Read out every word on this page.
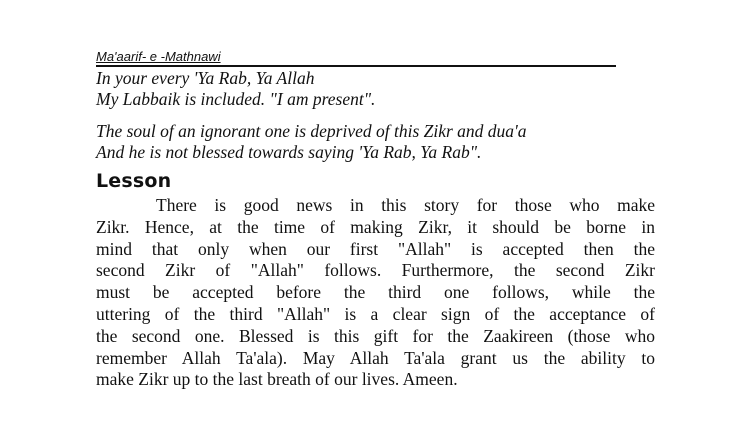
Ma'aarif- e -Mathnawi
In your every 'Ya Rab, Ya Allah
My Labbaik is included. "I am present".
The soul of an ignorant one is deprived of this Zikr and dua'a
And he is not blessed towards saying 'Ya Rab, Ya Rab".
Lesson
There is good news in this story for those who make
Zikr. Hence, at the time of making Zikr, it should be borne in
mind that only when our first "Allah" is accepted then the
second Zikr of "Allah" follows. Furthermore, the second Zikr
must be accepted before the third one follows, while the
uttering of the third "Allah" is a clear sign of the acceptance of
the second one. Blessed is this gift for the Zaakireen (those who
remember Allah Ta'ala). May Allah Ta'ala grant us the ability to
make Zikr up to the last breath of our lives. Ameen.
